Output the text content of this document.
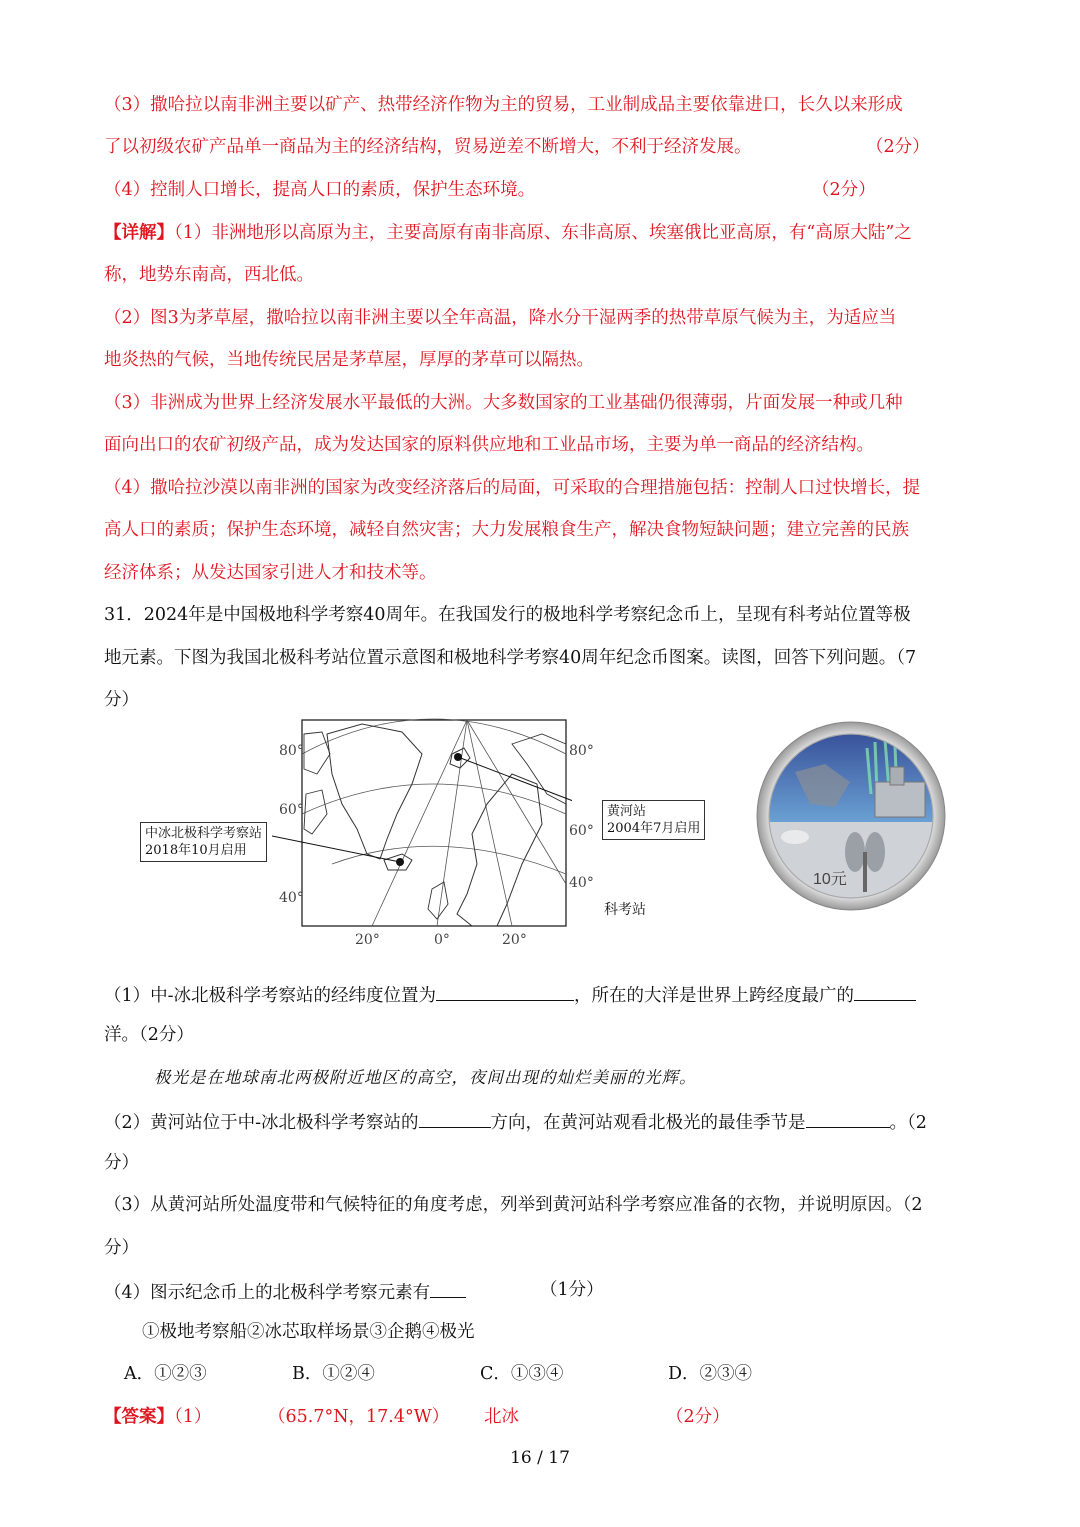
（3）撒哈拉以南非洲主要以矿产、热带经济作物为主的贸易，工业制成品主要依靠进口，长久以来形成
了以初级农矿产品单一商品为主的经济结构，贸易逆差不断增大，不利于经济发展。	（2分）
（4）控制人口增长，提高人口的素质，保护生态环境。	（2分）
【详解】（1）非洲地形以高原为主，主要高原有南非高原、东非高原、埃塞俄比亚高原，有“高原大陆”之
称，地势东南高，西北低。
（2）图3为茅草屋，撒哈拉以南非洲主要以全年高温，降水分干湿两季的热带草原气候为主，为适应当
地炎热的气候，当地传统民居是茅草屋，厚厚的茅草可以隔热。
（3）非洲成为世界上经济发展水平最低的大洲。大多数国家的工业基础仍很薄弱，片面发展一种或几种
面向出口的农矿初级产品，成为发达国家的原料供应地和工业品市场，主要为单一商品的经济结构。
（4）撒哈拉沙漠以南非洲的国家为改变经济落后的局面，可采取的合理措施包括：控制人口过快增长，提
高人口的素质；保护生态环境，减轻自然灾害；大力发展粮食生产，解决食物短缺问题；建立完善的民族
经济体系；从发达国家引进人才和技术等。
31．2024年是中国极地科学考察40周年。在我国发行的极地科学考察纪念币上，呈现有科考站位置等极
地元素。下图为我国北极科考站位置示意图和极地科学考察40周年纪念币图案。读图，回答下列问题。（7
分）
80°
60°
40°
80°
60°
40°
20°	0°	20°
中冰北极科学考察站
2018年10月启用
黄河站
2004年7月启用
科考站
10元
（1）中-冰北极科学考察站的经纬度位置为	，所在的大洋是世界上跨经度最广的
洋。（2分）
极光是在地球南北两极附近地区的高空，夜间出现的灿烂美丽的光辉。
（2）黄河站位于中-冰北极科学考察站的	方向，在黄河站观看北极光的最佳季节是	。（2
分）
（3）从黄河站所处温度带和气候特征的角度考虑，列举到黄河站科学考察应准备的衣物，并说明原因。（2
分）
（4）图示纪念币上的北极科学考察元素有	（1分）
①极地考察船②冰芯取样场景③企鹅④极光
A．①②③	B．①②④	C．①③④	D．②③④
【答案】（1）	（65.7°N，17.4°W） 北冰	（2分）
16 / 17
